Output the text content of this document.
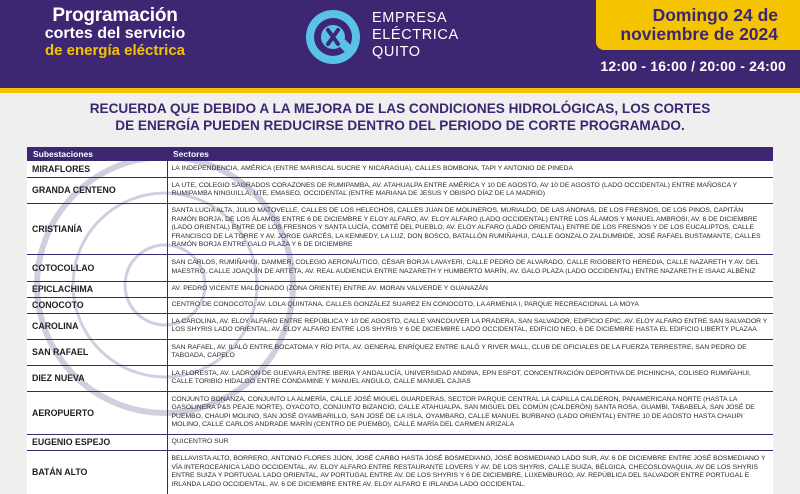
Programación
cortes del servicio
de energía eléctrica
EMPRESA
ELÉCTRICA
QUITO
Domingo 24 de
noviembre de 2024
12:00 - 16:00 / 20:00 - 24:00
RECUERDA QUE DEBIDO A LA MEJORA DE LAS CONDICIONES HIDROLÓGICAS, LOS CORTES
DE ENERGÍA PUEDEN REDUCIRSE DENTRO DEL PERIODO DE CORTE PROGRAMADO.
Subestaciones	Sectores
MIRAFLORES	LA INDEPENDENCIA, AMÉRICA (ENTRE MARISCAL SUCRE Y NICARAGUA), CALLES BOMBONA, TAPI Y ANTONIO DE PINEDA
GRANDA CENTENO	LA UTE, COLEGIO SAGRADOS CORAZONES DE RUMIPAMBA, AV. ATAHUALPA ENTRE AMÉRICA Y 10 DE AGOSTO, AV 10 DE AGOSTO (LADO OCCIDENTAL) ENTRE MAÑOSCA Y RUMIPAMBA NINGUILLA, UTE, EMASEO, OCCIDENTAL (ENTRE MARIANA DE JESUS Y OBISPO DÍAZ DE LA MADRID)
CRISTIANÍA	SANTA LUCIA ALTA, JULIO MATOVELLE, CALLES DE LOS HELECHOS, CALLES JUAN DE MOLINEROS, MURIALDO, DE LAS ANONAS, DE LOS FRESNOS, DE LOS PINOS, CAPITÁN RAMÓN BORJA, DE LOS ÁLAMOS ENTRE 6 DE DICIEMBRE Y ELOY ALFARO, AV. ELOY ALFARO (LADO OCCIDENTAL) ENTRE LOS ÁLAMOS Y MANUEL AMBROSI, AV. 6 DE DICIEMBRE (LADO ORIENTAL) ENTRE DE LOS FRESNOS Y SANTA LUCÍA, COMITÉ DEL PUEBLO, AV. ELOY ALFARO (LADO ORIENTAL) ENTRE DE LOS FRESNOS Y DE LOS EUCALIPTOS, CALLE FRANCISCO DE LA TORRE Y AV. JORGE GARCÉS, LA KENNEDY, LA LUZ, DON BOSCO, BATALLÓN RUMIÑAHUI, CALLE GONZALO ZALDUMBIDE, JOSÉ RAFAEL BUSTAMANTE, CALLES RAMÓN BORJA ENTRE GALO PLAZA Y 6 DE DICIEMBRE
COTOCOLLAO	SAN CARLOS, RUMIÑAHUI, DAMMER, COLEGIO AERONÁUTICO, CÉSAR BORJA LAVAYERI, CALLE PEDRO DE ALVARADO, CALLE RIGOBERTO HEREDIA, CALLE NAZARETH Y AV. DEL MAESTRO, CALLE JOAQUÍN DE ARTETA, AV. REAL AUDIENCIA ENTRE NAZARETH Y HUMBERTO MARÍN, AV. GALO PLAZA (LADO OCCIDENTAL) ENTRE NAZARETH E ISAAC ALBÉNIZ
EPICLACHIMA	AV. PEDRO VICENTE MALDONADO (ZONA ORIENTE) ENTRE AV. MORAN VALVERDE Y GUANAZÁN
CONOCOTO	CENTRO DE CONOCOTO, AV. LOLA QUINTANA, CALLES GONZÁLEZ SUAREZ EN CONOCOTO, LA ARMENIA I, PARQUE RECREACIONAL LA MOYA
CAROLINA	LA CAROLINA, AV. ELOY ALFARO ENTRE REPÚBLICA Y 10 DE AGOSTO, CALLE VANCOUVER LA PRADERA, SAN SALVADOR, EDIFICIO EPIC, AV. ELOY ALFARO ENTRE SAN SALVADOR Y LOS SHYRIS LADO ORIENTAL, AV. ELOY ALFARO ENTRE LOS SHYRIS Y 6 DE DICIEMBRE LADO OCCIDENTAL, EDIFICIO NEO, 6 DE DICIEMBRE HASTA EL EDIFICIO LIBERTY PLAZAA
SAN RAFAEL	SAN RAFAEL, AV. ILALÓ ENTRE BOCATOMA Y RÍO PITA, AV. GENERAL ENRÍQUEZ ENTRE ILALÓ Y RIVER MALL, CLUB DE OFICIALES DE LA FUERZA TERRESTRE, SAN PEDRO DE TABOADA, CAPELO
DIEZ NUEVA	LA FLORESTA, AV. LADRÓN DE GUEVARA ENTRE IBERIA Y ANDALUCÍA, UNIVERSIDAD ANDINA, EPN ESFOT, CONCENTRACIÓN DEPORTIVA DE PICHINCHA, COLISEO RUMIÑAHUI, CALLE TORIBIO HIDALGO ENTRE CONDAMINE Y MANUEL ANGULO, CALLE MANUEL CAJIAS
AEROPUERTO	CONJUNTO BONANZA, CONJUNTO LA ALMERÍA, CALLE JOSÉ MIGUEL GUARDERAS, SECTOR PARQUE CENTRAL LA CAPILLA CALDERON, PANAMERICANA NORTE (HASTA LA GASOLINERA P&S PEAJE NORTE), OYACOTO, CONJUNTO BIZANCIO, CALLE ATAHUALPA, SAN MIGUEL DEL COMÚN (CALDERÓN) SANTA ROSA, GUAMBI, TABABELA, SAN JOSÉ DE PUEMBO, CHAUPI MOLINO, SAN JOSÉ OYAMBARILLO, SAN JOSÉ DE LA ISLA, OYAMBARO, CALLE MANUEL BURBANO (LADO ORIENTAL) ENTRE 10 DE AGOSTO HASTA CHAUPI MOLINO, CALLE CARLOS ANDRADE MARÍN (CENTRO DE PUEMBO), CALLE MARÍA DEL CARMEN ARIZALA
EUGENIO ESPEJO	QUICENTRO SUR
BATÁN ALTO	BELLAVISTA ALTO, BORRERO, ANTONIO FLORES JIJON, JOSÉ CARBO HASTA JOSÉ BOSMEDIANO, JOSÉ BOSMEDIANO LADO SUR, AV. 6 DE DICIEMBRE ENTRE JOSÉ BOSMEDIANO Y VÍA INTEROCEANICA LADO OCCIDENTAL, AV. ELOY ALFARO ENTRE RESTAURANTE LOVERS Y AV. DE LOS SHYRIS, CALLE SUIZA, BÉLGICA, CHECOSLOVAQUIA, AV DE LOS SHYRIS ENTRE SUIZA Y PORTUGAL LADO ORIENTAL, AV PORTUGAL ENTRE AV. DE LOS SHYRIS Y 6 DE DICIEMBRE, LUXEMBURGO, AV. REPÚBLICA DEL SALVADOR ENTRE PORTUGAL E IRLANDA LADO OCCIDENTAL, AV. 6 DE DICIEMBRE ENTRE AV. ELOY ALFARO E IRLANDA LADO OCCIDENTAL.
